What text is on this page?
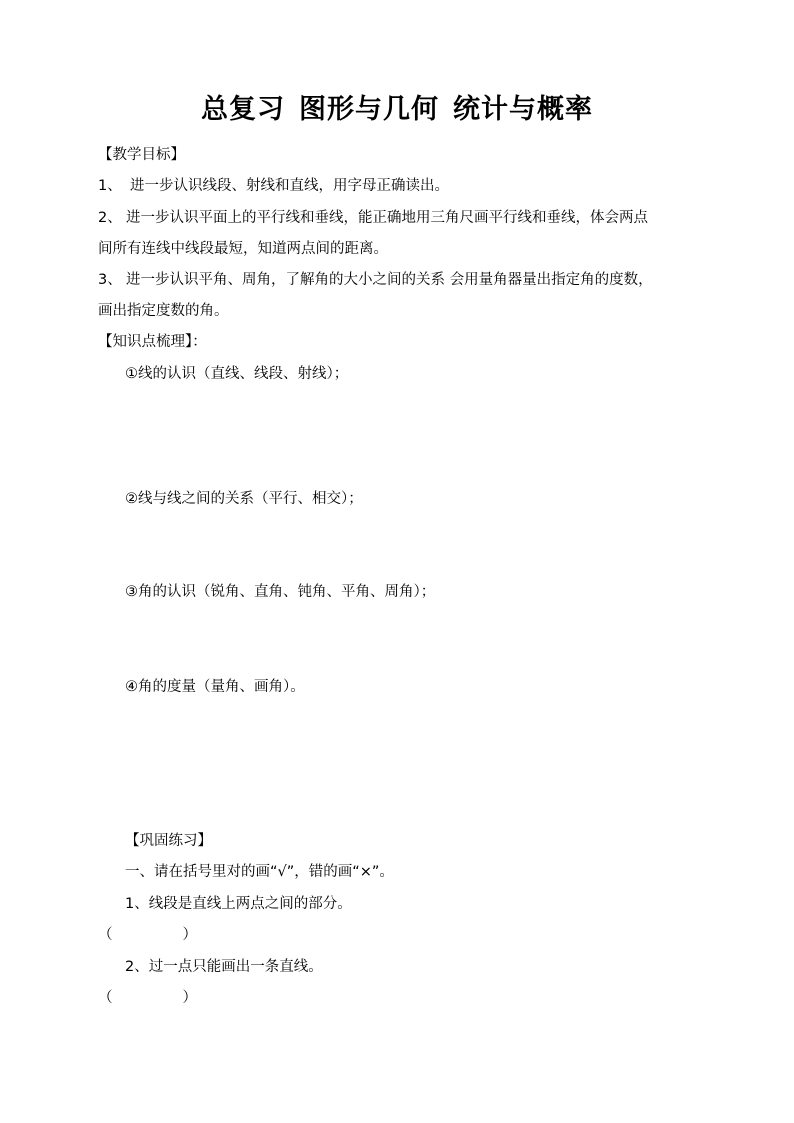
总复习 图形与几何 统计与概率
【教学目标】
1、 进一步认识线段、射线和直线，用字母正确读出。
2、 进一步认识平面上的平行线和垂线，能正确地用三角尺画平行线和垂线，体会两点
间所有连线中线段最短，知道两点间的距离。
3、 进一步认识平角、周角，了解角的大小之间的关系 会用量角器量出指定角的度数，
画出指定度数的角。
【知识点梳理】：
①线的认识（直线、线段、射线）；
②线与线之间的关系（平行、相交）；
③角的认识（锐角、直角、钝角、平角、周角）；
④角的度量（量角、画角）。
【巩固练习】
一、请在括号里对的画“√”，错的画“×”。
1、线段是直线上两点之间的部分。
（	）
2、过一点只能画出一条直线。
（	）
